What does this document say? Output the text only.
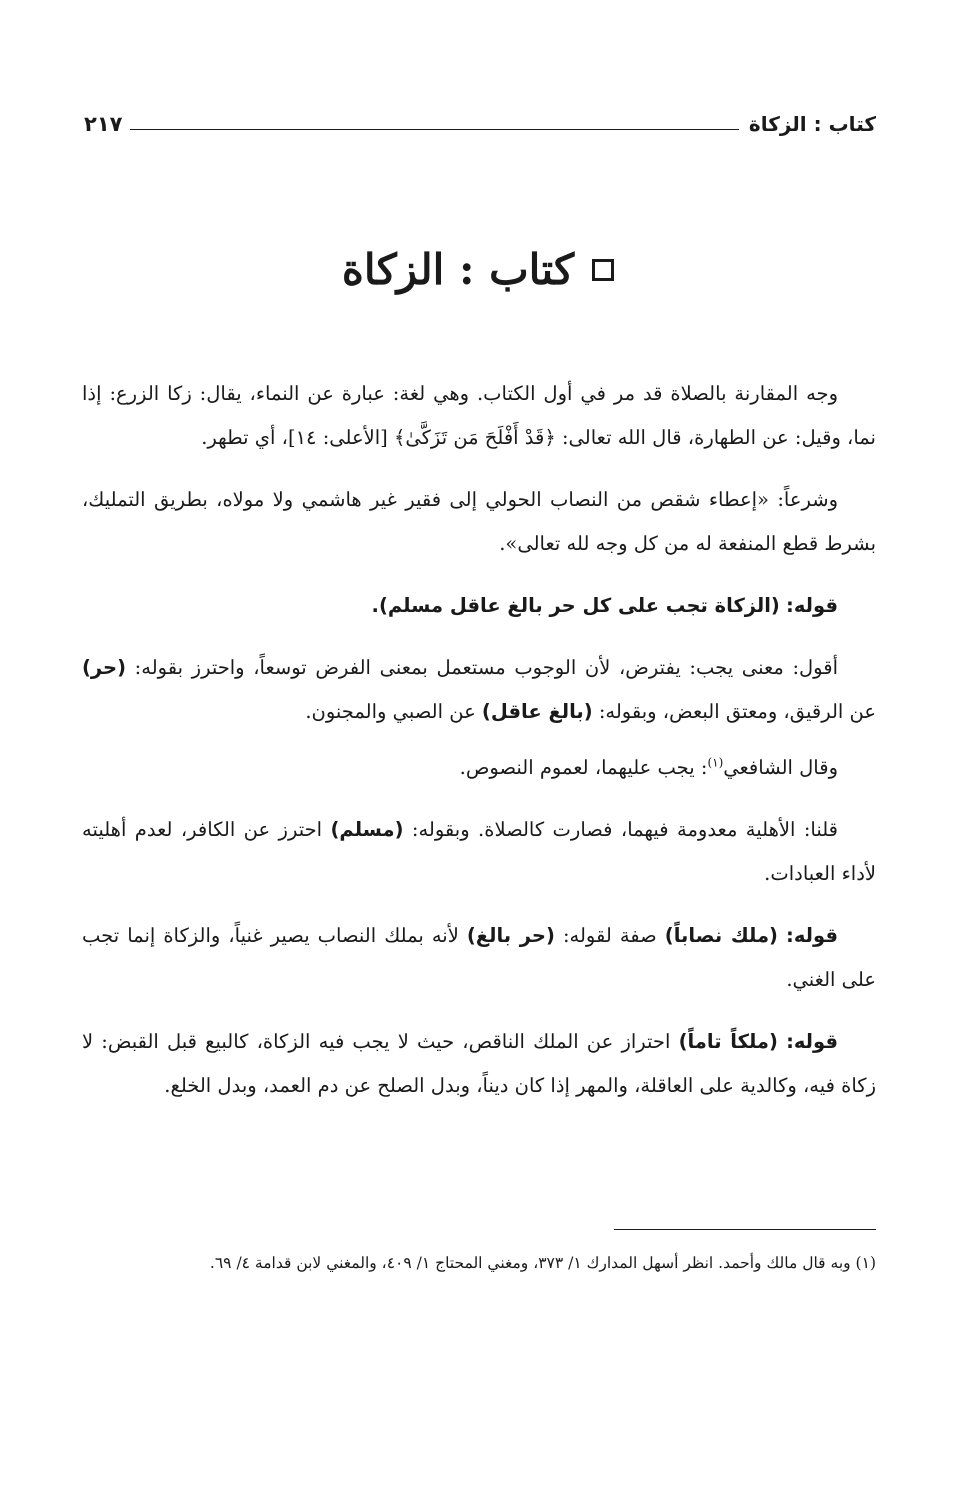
كتاب : الزكاة
٢١٧
كتاب : الزكاة

وجه المقارنة بالصلاة قد مر في أول الكتاب. وهي لغة: عبارة عن النماء، يقال: زكا الزرع: إذا نما، وقيل: عن الطهارة، قال الله تعالى: ﴿قَدْ أَفْلَحَ مَن تَزَكَّىٰ﴾ [الأعلى: ١٤]، أي تطهر.

وشرعاً: «إعطاء شقص من النصاب الحولي إلى فقير غير هاشمي ولا مولاه، بطريق التمليك، بشرط قطع المنفعة له من كل وجه لله تعالى».

قوله: (الزكاة تجب على كل حر بالغ عاقل مسلم).

أقول: معنى يجب: يفترض، لأن الوجوب مستعمل بمعنى الفرض توسعاً، واحترز بقوله: (حر) عن الرقيق، ومعتق البعض، وبقوله: (بالغ عاقل) عن الصبي والمجنون.

وقال الشافعي$^{(١)}$: يجب عليهما، لعموم النصوص.

قلنا: الأهلية معدومة فيهما، فصارت كالصلاة. وبقوله: (مسلم) احترز عن الكافر، لعدم أهليته لأداء العبادات.

قوله: (ملك نصاباً) صفة لقوله: (حر بالغ) لأنه بملك النصاب يصير غنياً، والزكاة إنما تجب على الغني.

قوله: (ملكاً تاماً) احتراز عن الملك الناقص، حيث لا يجب فيه الزكاة، كالبيع قبل القبض: لا زكاة فيه، وكالدية على العاقلة، والمهر إذا كان ديناً، وبدل الصلح عن دم العمد، وبدل الخلع.

(١) وبه قال مالك وأحمد. انظر أسهل المدارك ١/ ٣٧٣، ومغني المحتاج ١/ ٤٠٩، والمغني لابن قدامة ٤/ ٦٩.
